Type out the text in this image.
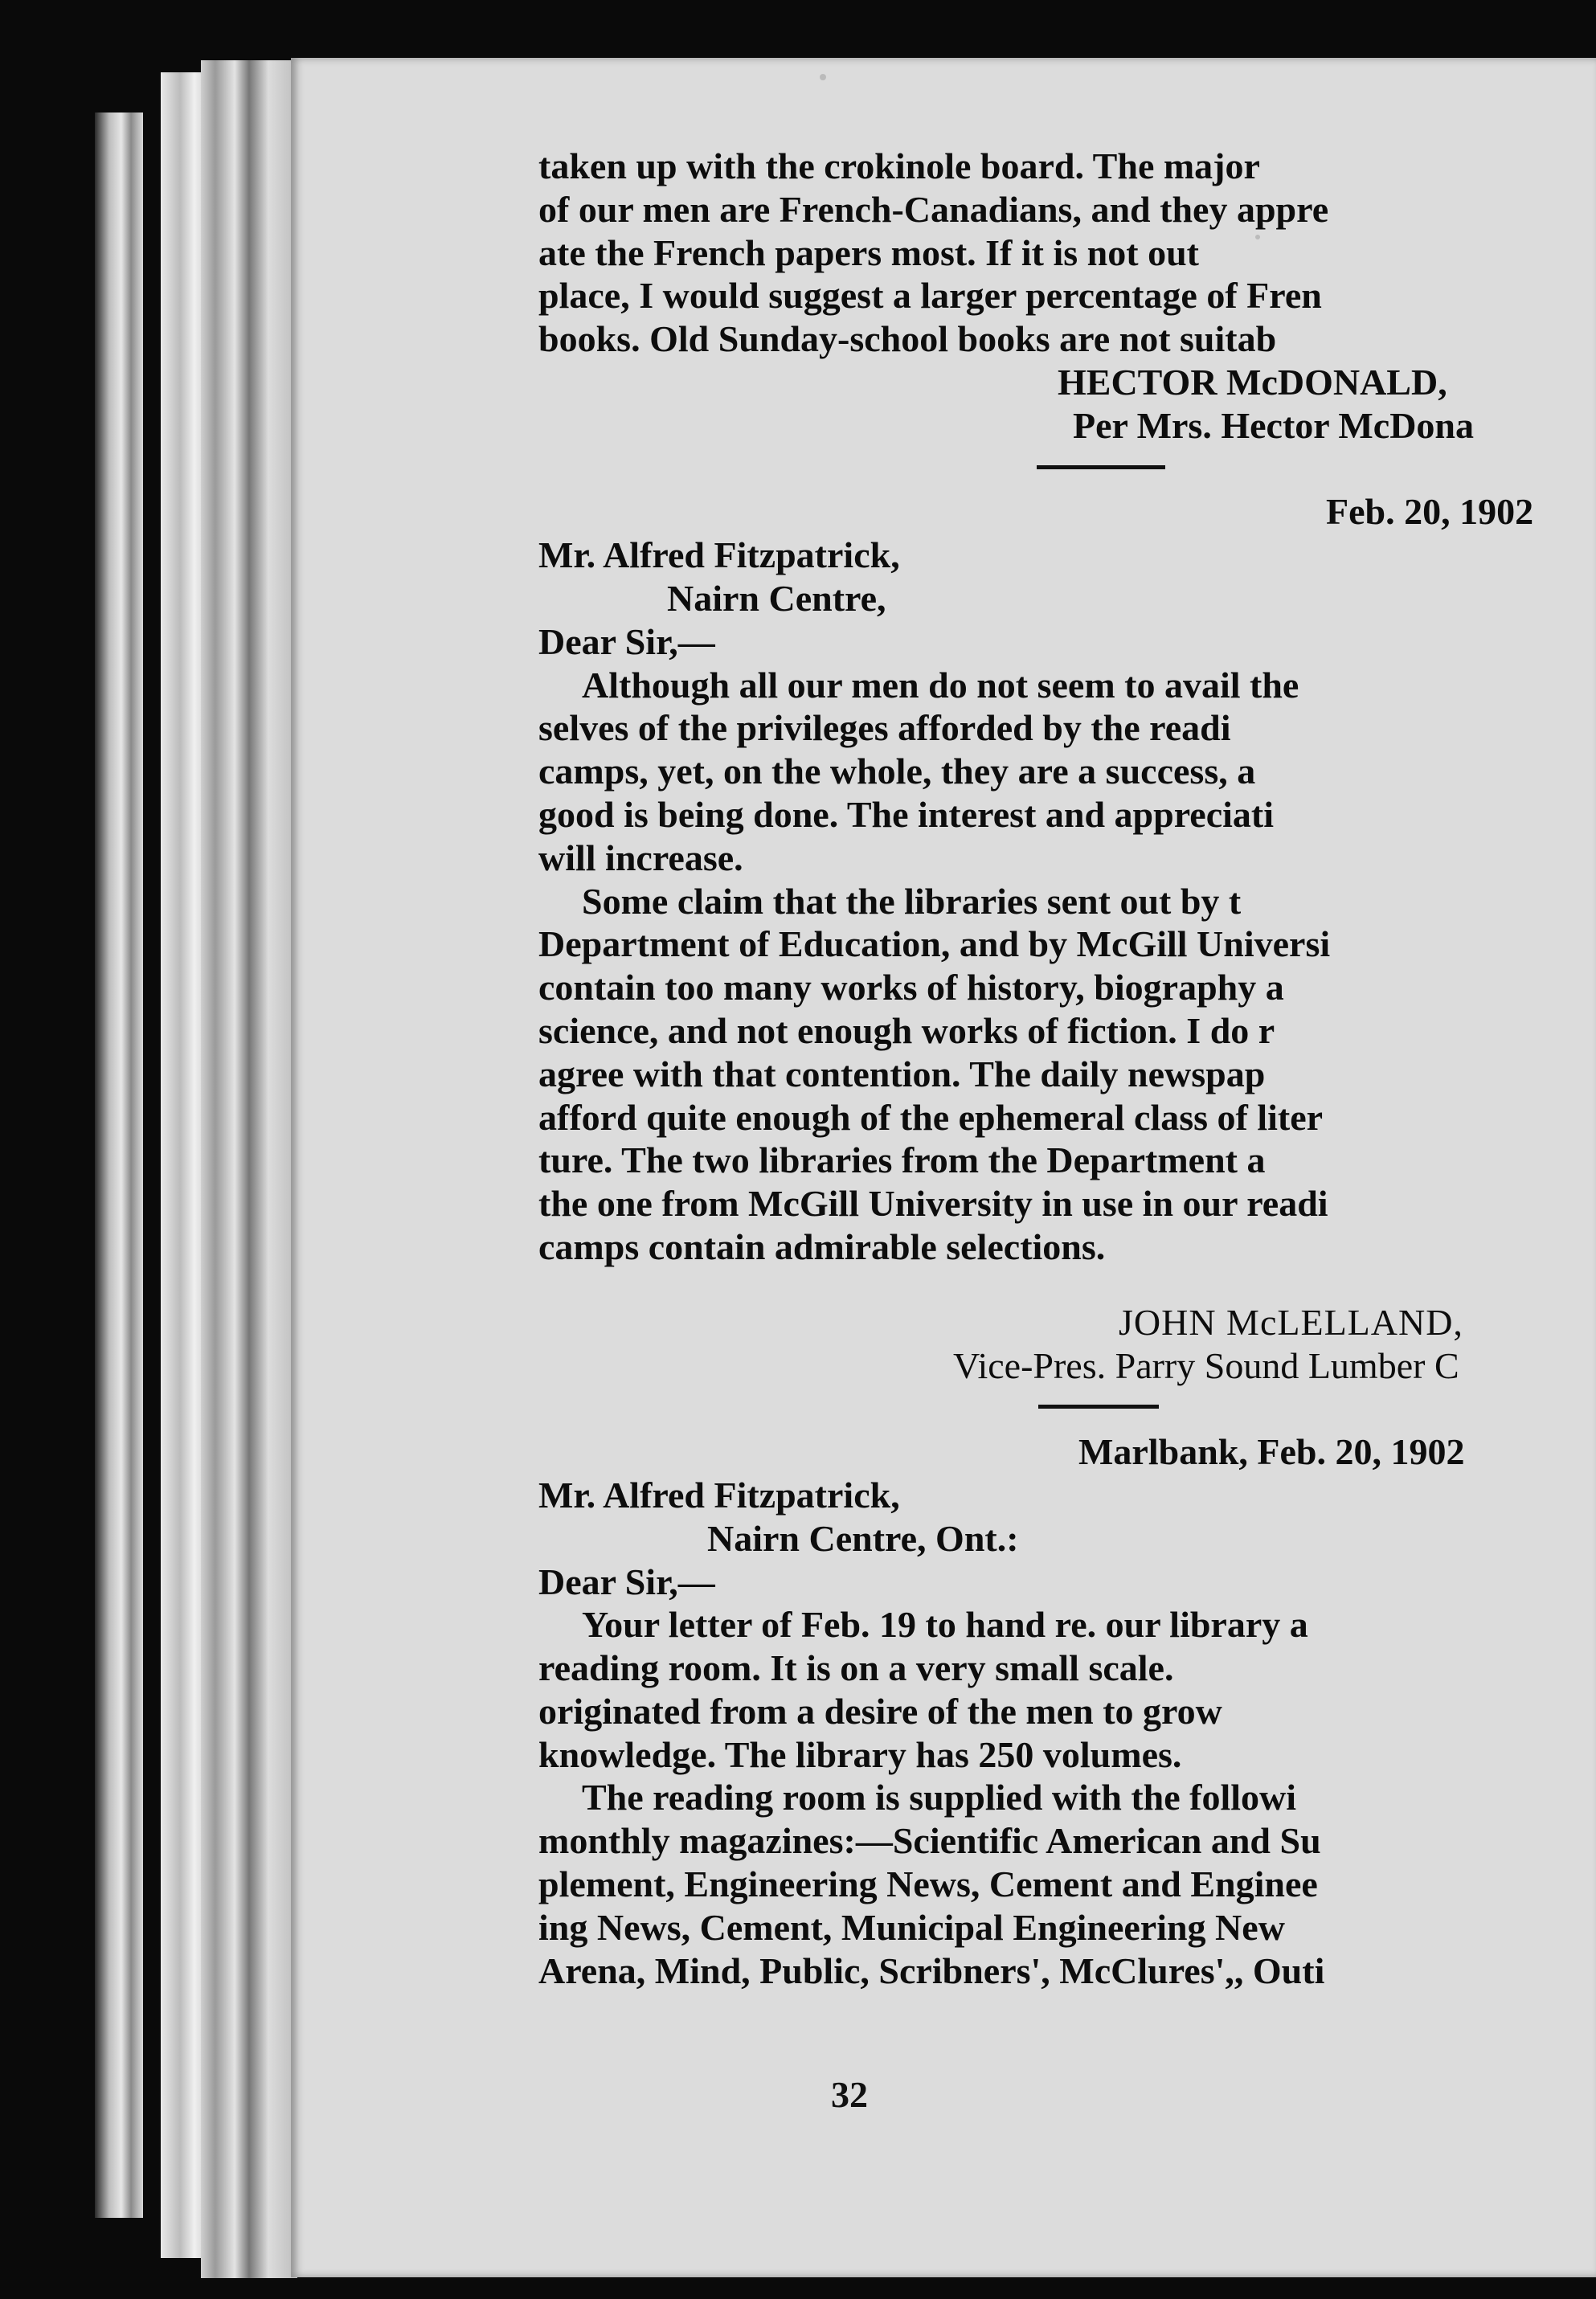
taken up with the crokinole board. The major
of our men are French-Canadians, and they appre
ate the French papers most. If it is not out
place, I would suggest a larger percentage of Fren
books. Old Sunday-school books are not suitab
HECTOR McDONALD,
Per Mrs. Hector McDona
Feb. 20, 1902
Mr. Alfred Fitzpatrick,
Nairn Centre,
Dear Sir,—
Although all our men do not seem to avail the
selves of the privileges afforded by the readi
camps, yet, on the whole, they are a success, a
good is being done. The interest and appreciati
will increase.
Some claim that the libraries sent out by t
Department of Education, and by McGill Universi
contain too many works of history, biography a
science, and not enough works of fiction. I do r
agree with that contention. The daily newspap
afford quite enough of the ephemeral class of liter
ture. The two libraries from the Department a
the one from McGill University in use in our readi
camps contain admirable selections.
JOHN McLELLAND,
Vice-Pres. Parry Sound Lumber C
Marlbank, Feb. 20, 1902
Mr. Alfred Fitzpatrick,
Nairn Centre, Ont.:
Dear Sir,—
Your letter of Feb. 19 to hand re. our library a
reading room. It is on a very small scale.
originated from a desire of the men to grow
knowledge. The library has 250 volumes.
The reading room is supplied with the followi
monthly magazines:—Scientific American and Su
plement, Engineering News, Cement and Enginee
ing News, Cement, Municipal Engineering New
Arena, Mind, Public, Scribners', McClures',, Outi
32
